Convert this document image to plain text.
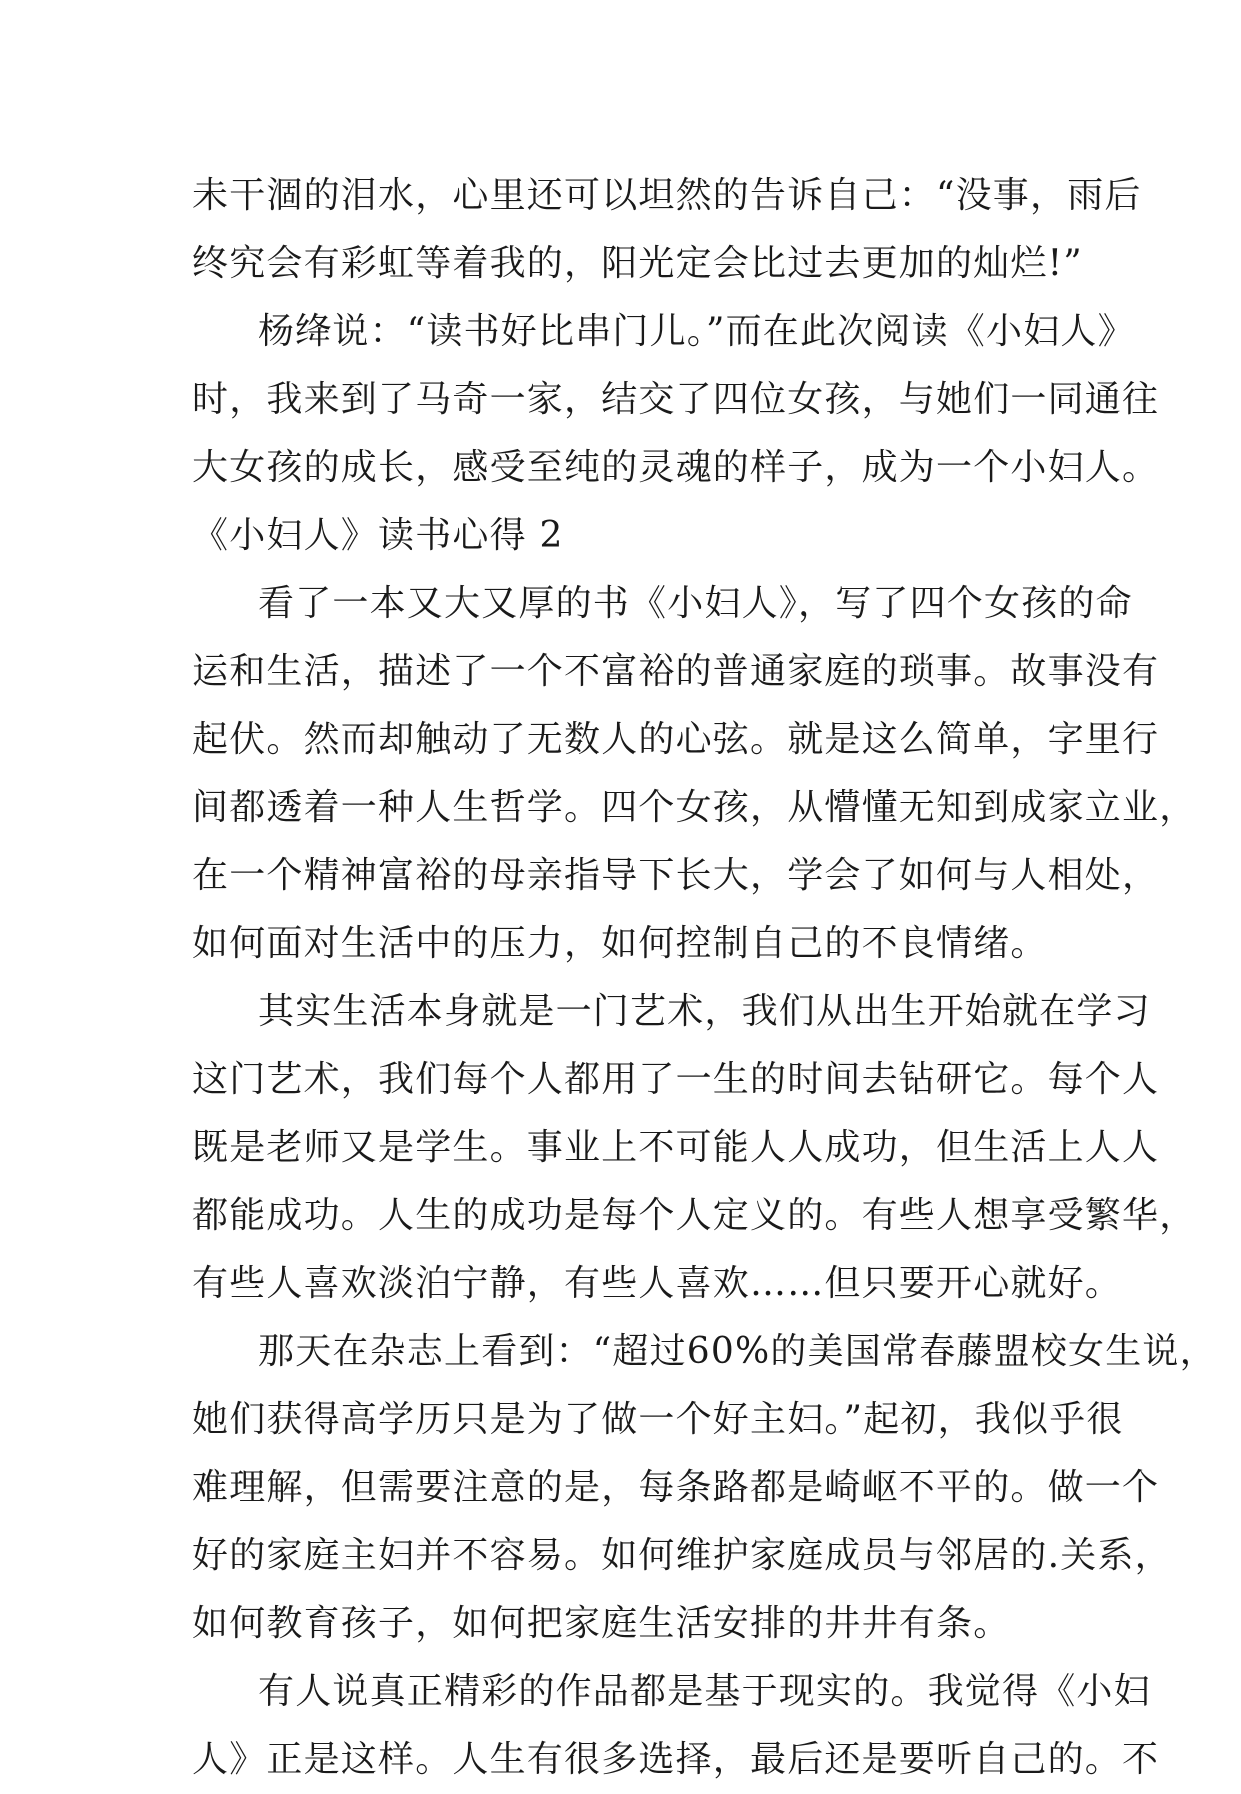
未干涸的泪水，心里还可以坦然的告诉自己：“没事，雨后
终究会有彩虹等着我的，阳光定会比过去更加的灿烂!”
杨绛说：“读书好比串门儿。”而在此次阅读《小妇人》
时，我来到了马奇一家，结交了四位女孩，与她们一同通往
大女孩的成长，感受至纯的灵魂的样子，成为一个小妇人。
《小妇人》读书心得 2
看了一本又大又厚的书《小妇人》，写了四个女孩的命
运和生活，描述了一个不富裕的普通家庭的琐事。故事没有
起伏。然而却触动了无数人的心弦。就是这么简单，字里行
间都透着一种人生哲学。四个女孩，从懵懂无知到成家立业，
在一个精神富裕的母亲指导下长大，学会了如何与人相处，
如何面对生活中的压力，如何控制自己的不良情绪。
其实生活本身就是一门艺术，我们从出生开始就在学习
这门艺术，我们每个人都用了一生的时间去钻研它。每个人
既是老师又是学生。事业上不可能人人成功，但生活上人人
都能成功。人生的成功是每个人定义的。有些人想享受繁华，
有些人喜欢淡泊宁静，有些人喜欢……但只要开心就好。
那天在杂志上看到：“超过60%的美国常春藤盟校女生说，
她们获得高学历只是为了做一个好主妇。”起初，我似乎很
难理解，但需要注意的是，每条路都是崎岖不平的。做一个
好的家庭主妇并不容易。如何维护家庭成员与邻居的.关系，
如何教育孩子，如何把家庭生活安排的井井有条。
有人说真正精彩的作品都是基于现实的。我觉得《小妇
人》正是这样。人生有很多选择，最后还是要听自己的。不
